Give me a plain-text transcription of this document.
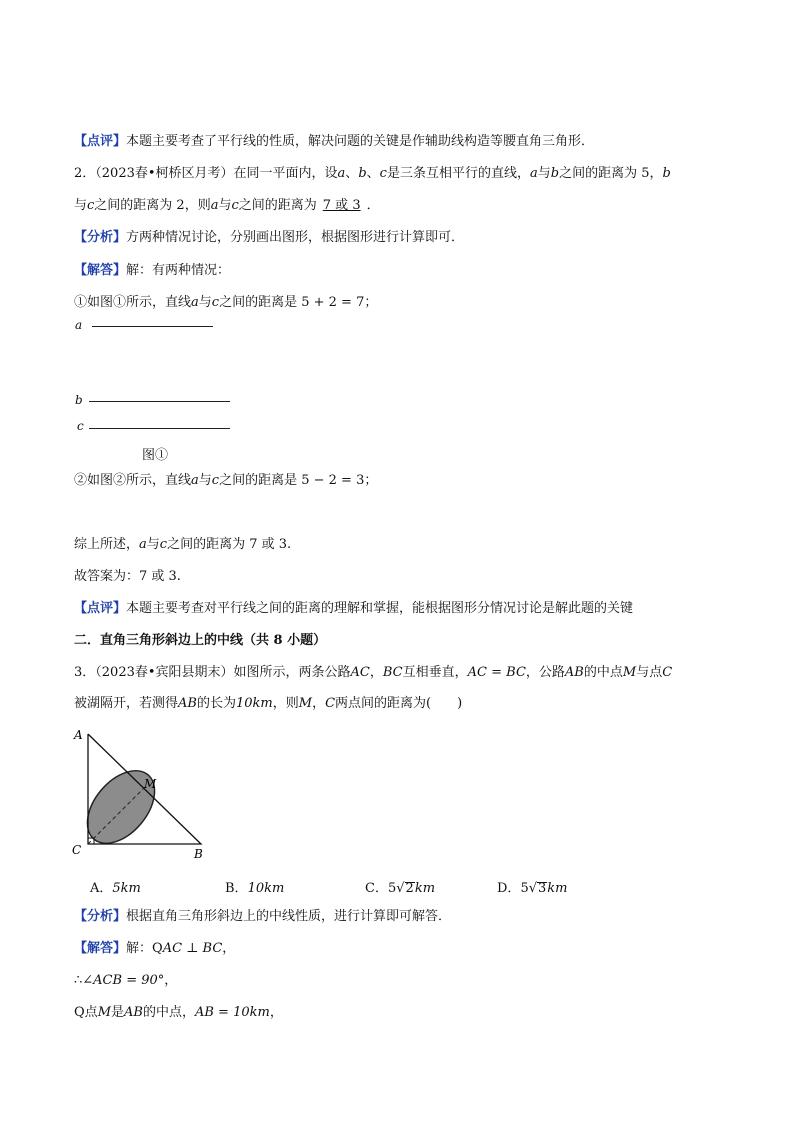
【点评】本题主要考查了平行线的性质，解决问题的关键是作辅助线构造等腰直角三角形．
2．（2023春•柯桥区月考）在同一平面内，设a、b、c是三条互相平行的直线，a与b之间的距离为 5，b
与c之间的距离为 2，则a与c之间的距离为 7 或 3 ．
【分析】方两种情况讨论，分别画出图形，根据图形进行计算即可．
【解答】解：有两种情况：
①如图①所示，直线a与c之间的距离是 5 + 2 = 7；
a
b
c
图①
②如图②所示，直线a与c之间的距离是 5 − 2 = 3；
综上所述，a与c之间的距离为 7 或 3.
故答案为：7 或 3.
【点评】本题主要考查对平行线之间的距离的理解和掌握，能根据图形分情况讨论是解此题的关键
二．直角三角形斜边上的中线（共 8 小题）
3．（2023春•宾阳县期末）如图所示，两条公路AC，BC互相垂直，AC = BC，公路AB的中点M与点C
被湖隔开，若测得AB的长为10km，则M，C两点间的距离为(　　)
A
M
C	B
A．5km	B．10km	C．5√2km	D．5√3km
【分析】根据直角三角形斜边上的中线性质，进行计算即可解答．
【解答】解：QAC ⊥ BC，
∴∠ACB = 90°，
Q点M是AB的中点，AB = 10km，
